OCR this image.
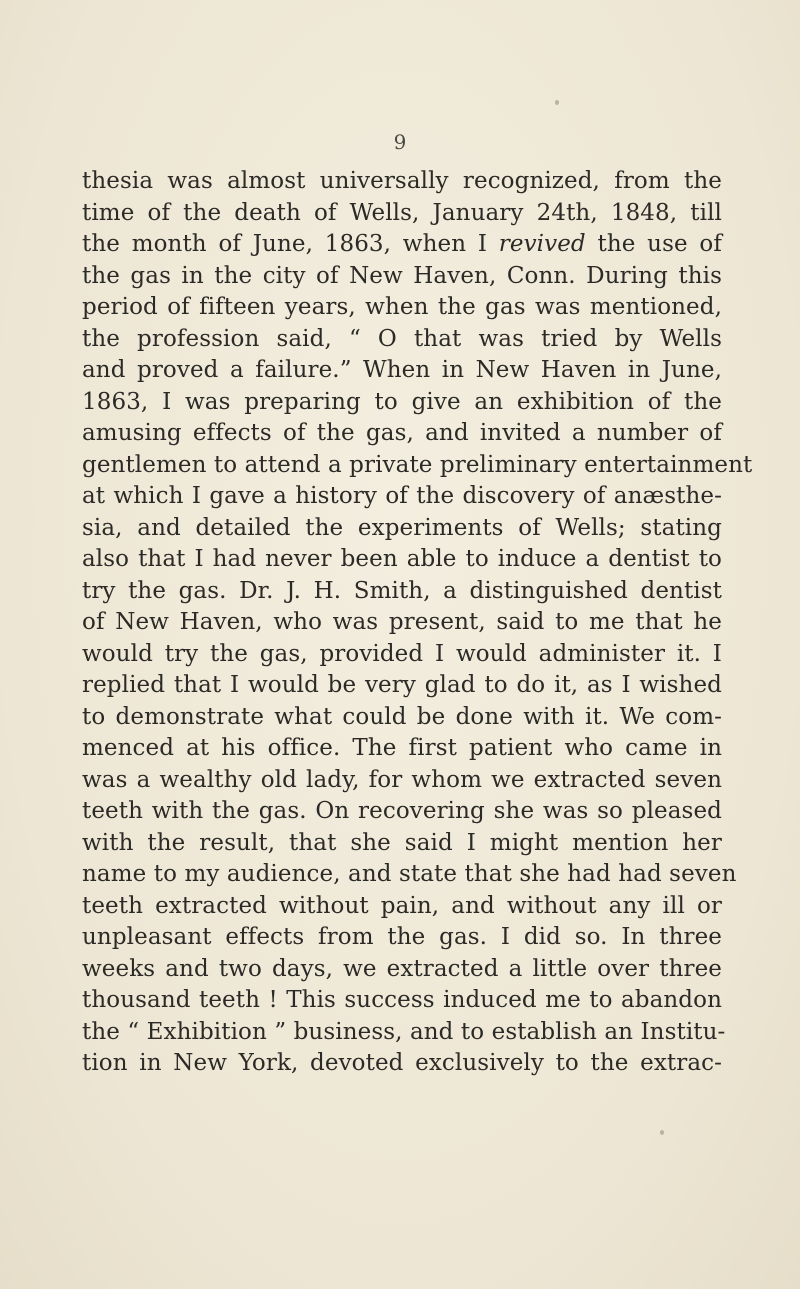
9
thesia was almost universally recognized, from the
time of the death of Wells, January 24th, 1848, till
the month of June, 1863, when I revived the use of
the gas in the city of New Haven, Conn. During this
period of fifteen years, when the gas was mentioned,
the profession said, “ O that was tried by Wells
and proved a failure.” When in New Haven in June,
1863, I was preparing to give an exhibition of the
amusing effects of the gas, and invited a number of
gentlemen to attend a private preliminary entertainment
at which I gave a history of the discovery of anæsthe-
sia, and detailed the experiments of Wells; stating
also that I had never been able to induce a dentist to
try the gas. Dr. J. H. Smith, a distinguished dentist
of New Haven, who was present, said to me that he
would try the gas, provided I would administer it. I
replied that I would be very glad to do it, as I wished
to demonstrate what could be done with it. We com-
menced at his office. The first patient who came in
was a wealthy old lady, for whom we extracted seven
teeth with the gas. On recovering she was so pleased
with the result, that she said I might mention her
name to my audience, and state that she had had seven
teeth extracted without pain, and without any ill or
unpleasant effects from the gas. I did so. In three
weeks and two days, we extracted a little over three
thousand teeth ! This success induced me to abandon
the “ Exhibition ” business, and to establish an Institu-
tion in New York, devoted exclusively to the extrac-
